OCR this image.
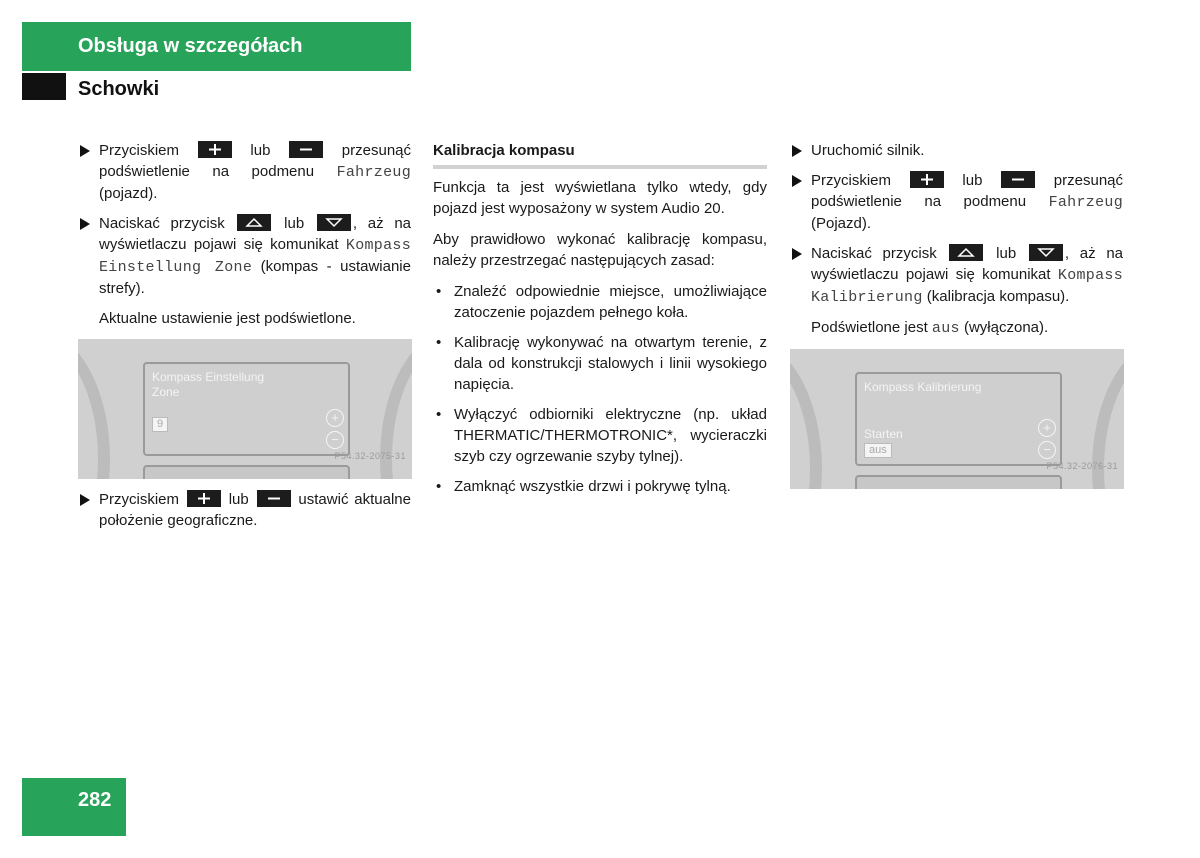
Obsługa w szczegółach
Schowki

Przyciskiem	lub	przesunąć podświetlenie na podmenu Fahrzeug (pojazd).

Naciskać przycisk	lub	, aż na wyświetlaczu pojawi się komunikat Kompass Einstellung Zone (kompas - ustawianie strefy).

Aktualne ustawienie jest podświetlone.

Kompass Einstellung
Zone
9	+
−
P54.32-2075-31

Przyciskiem	lub	ustawić aktualne położenie geograficzne.

Kalibracja kompasu

Funkcja ta jest wyświetlana tylko wtedy, gdy pojazd jest wyposażony w system Audio 20.

Aby prawidłowo wykonać kalibrację kompasu, należy przestrzegać następujących zasad:

• Znaleźć odpowiednie miejsce, umożliwiające zatoczenie pojazdem pełnego koła.
• Kalibrację wykonywać na otwartym terenie, z dala od konstrukcji stalowych i linii wysokiego napięcia.
• Wyłączyć odbiorniki elektryczne (np. układ THERMATIC/THERMOTRONIC*, wycieraczki szyb czy ogrzewanie szyby tylnej).
• Zamknąć wszystkie drzwi i pokrywę tylną.

Uruchomić silnik.

Przyciskiem	lub	przesunąć podświetlenie na podmenu Fahrzeug (Pojazd).

Naciskać przycisk	lub	, aż na wyświetlaczu pojawi się komunikat Kompass Kalibrierung (kalibracja kompasu).

Podświetlone jest aus (wyłączona).

Kompass Kalibrierung
Starten
aus
+
−
P54.32-2076-31
282
